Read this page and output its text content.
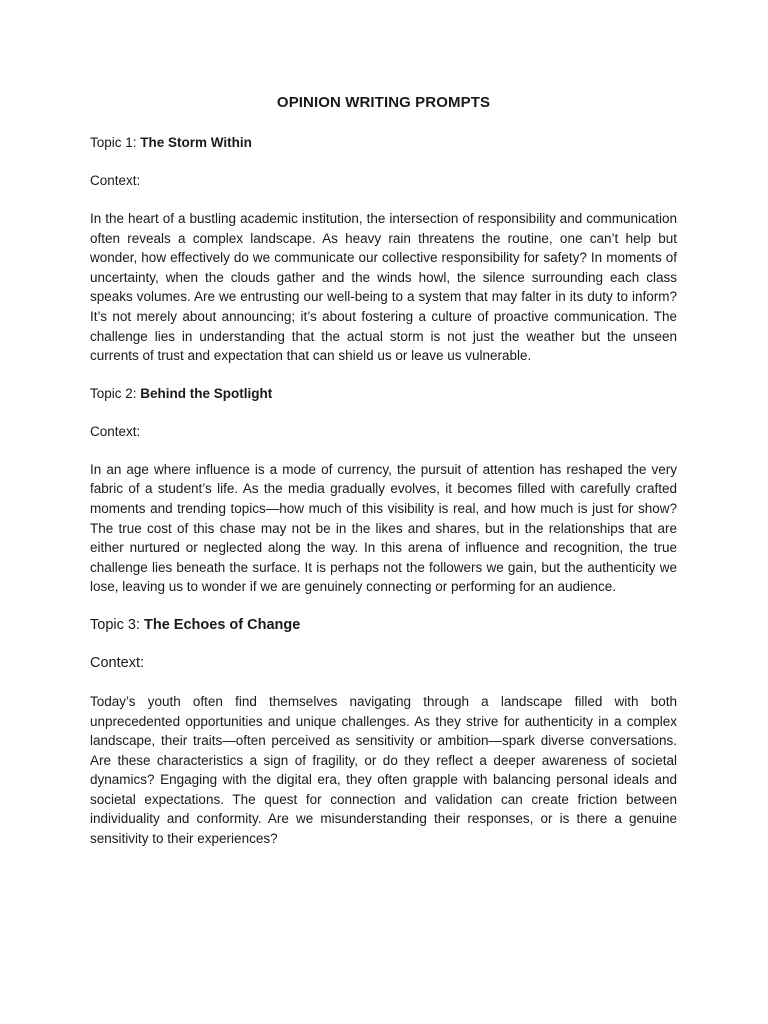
OPINION WRITING PROMPTS

Topic 1: The Storm Within

Context:

In the heart of a bustling academic institution, the intersection of responsibility and communication often reveals a complex landscape. As heavy rain threatens the routine, one can’t help but wonder, how effectively do we communicate our collective responsibility for safety? In moments of uncertainty, when the clouds gather and the winds howl, the silence surrounding each class speaks volumes. Are we entrusting our well-being to a system that may falter in its duty to inform? It’s not merely about announcing; it’s about fostering a culture of proactive communication. The challenge lies in understanding that the actual storm is not just the weather but the unseen currents of trust and expectation that can shield us or leave us vulnerable.

Topic 2: Behind the Spotlight

Context:

In an age where influence is a mode of currency, the pursuit of attention has reshaped the very fabric of a student’s life. As the media gradually evolves, it becomes filled with carefully crafted moments and trending topics—how much of this visibility is real, and how much is just for show? The true cost of this chase may not be in the likes and shares, but in the relationships that are either nurtured or neglected along the way. In this arena of influence and recognition, the true challenge lies beneath the surface. It is perhaps not the followers we gain, but the authenticity we lose, leaving us to wonder if we are genuinely connecting or performing for an audience.

Topic 3: The Echoes of Change

Context:

Today’s youth often find themselves navigating through a landscape filled with both unprecedented opportunities and unique challenges. As they strive for authenticity in a complex landscape, their traits—often perceived as sensitivity or ambition—spark diverse conversations. Are these characteristics a sign of fragility, or do they reflect a deeper awareness of societal dynamics? Engaging with the digital era, they often grapple with balancing personal ideals and societal expectations. The quest for connection and validation can create friction between individuality and conformity. Are we misunderstanding their responses, or is there a genuine sensitivity to their experiences?
